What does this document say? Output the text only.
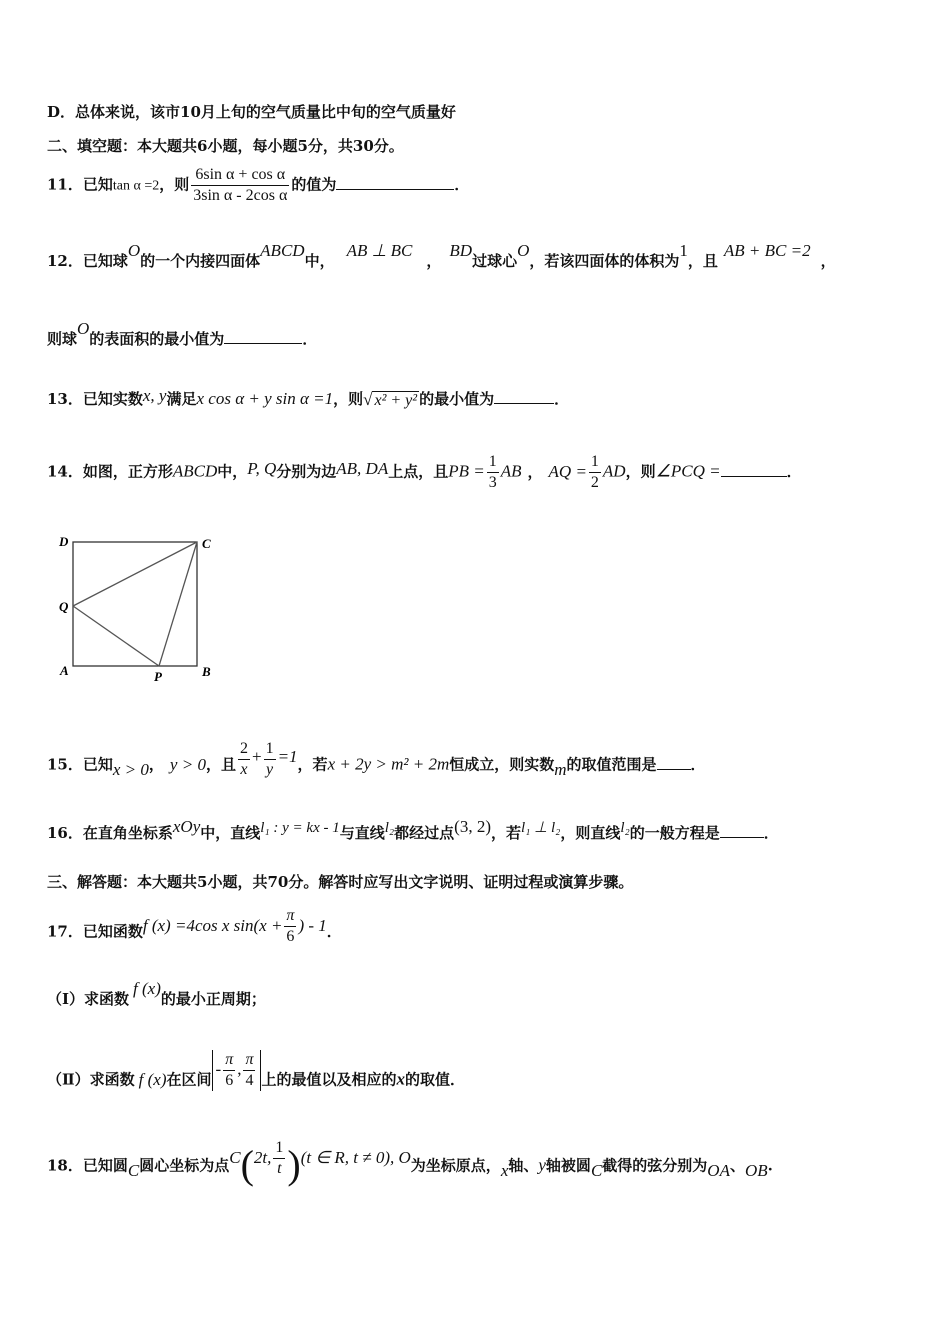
D．总体来说，该市10月上旬的空气质量比中旬的空气质量好
二、填空题：本大题共6小题，每小题5分，共30分。
11．已知tan α =2，则 $\frac{\text{6sin α + cos α}}{\text{3sin α - 2cos α}}$ 的值为	．
12．已知球O的一个内接四面体ABCD中，AB ⊥ BC，BD过球心O，若该四面体的体积为1，且AB + BC =2，
则球O的表面积的最小值为	．
13．已知实数x, y满足x cos α + y sin α =1，则√ x² + y² 的最小值为	．
14．如图，正方形ABCD中，P, Q分别为边AB, DA上点，且PB = $\frac{1}{3}$ AB ， AQ = $\frac{1}{2}$ AD，则∠PCQ =	．
D	C
Q
A	P	B
15．已知x > 0， y > 0，且 $\frac{2}{x} + \frac{1}{y} =1$，若x + 2y > m² + 2m恒成立，则实数m的取值范围是 ．
16．在直角坐标系xOy中，直线l₁ : y = kx - 1与直线l₂都经过点(3, 2)，若l₁ ⊥ l₂，则直线l₂的一般方程是	．
三、解答题：本大题共5小题，共70分。解答时应写出文字说明、证明过程或演算步骤。
17．已知函数f (x) =4cos x $\sin(x + \frac{\pi}{6}$ ) - 1．
（Ⅰ）求函数f (x)的最小正周期；
（Ⅱ）求函数 f (x)在区间- $\frac{\pi}{6}$ , $\frac{\pi}{4}$ 上的最值以及相应的x的取值．
18．已知圆C圆心坐标为点C(2t, $\frac{1}{t} )(t$ ∈ R, t ≠ 0), O为坐标原点，x轴、y轴被圆C截得的弦分别为OA、OB.
